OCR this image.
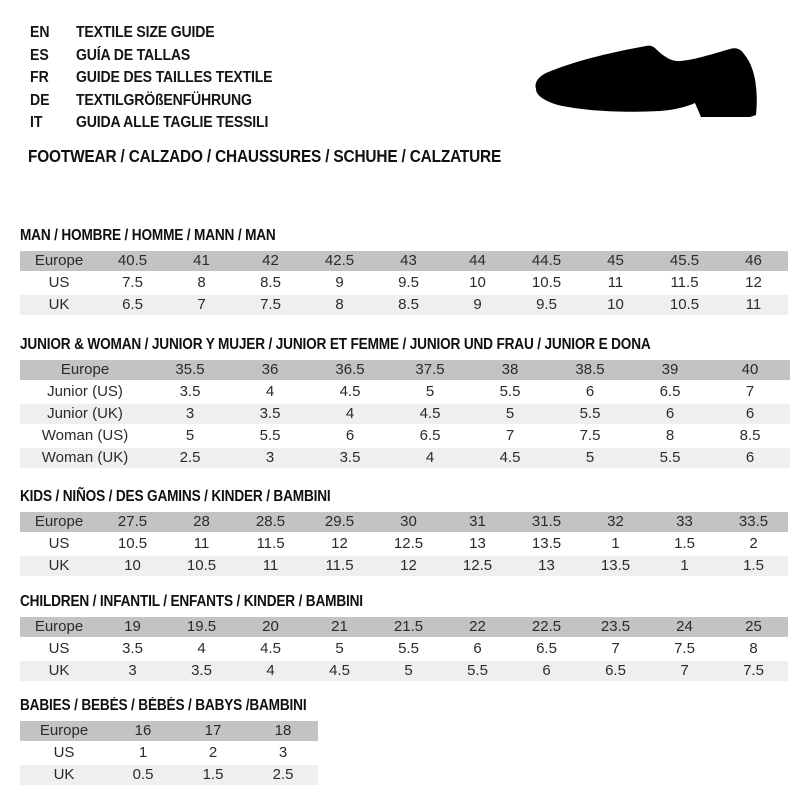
EN TEXTILE SIZE GUIDE
ES GUÍA DE TALLAS
FR GUIDE DES TAILLES TEXTILE
DE TEXTILGRÖßENFÜHRUNG
IT GUIDA ALLE TAGLIE TESSILI
FOOTWEAR / CALZADO / CHAUSSURES / SCHUHE / CALZATURE
MAN / HOMBRE / HOMME / MANN / MAN
Europe	40.5	41	42	42.5	43	44	44.5	45	45.5	46
US	7.5	8	8.5	9	9.5	10	10.5	11	11.5	12
UK	6.5	7	7.5	8	8.5	9	9.5	10	10.5	11
JUNIOR & WOMAN / JUNIOR Y MUJER / JUNIOR ET FEMME / JUNIOR UND FRAU / JUNIOR E DONA
Europe	35.5	36	36.5	37.5	38	38.5	39	40
Junior (US)	3.5	4	4.5	5	5.5	6	6.5	7
Junior (UK)	3	3.5	4	4.5	5	5.5	6	6
Woman (US)	5	5.5	6	6.5	7	7.5	8	8.5
Woman (UK)	2.5	3	3.5	4	4.5	5	5.5	6
KIDS / NIÑOS / DES GAMINS / KINDER / BAMBINI
Europe	27.5	28	28.5	29.5	30	31	31.5	32	33	33.5
US	10.5	11	11.5	12	12.5	13	13.5	1	1.5	2
UK	10	10.5	11	11.5	12	12.5	13	13.5	1	1.5
CHILDREN / INFANTIL / ENFANTS / KINDER / BAMBINI
Europe	19	19.5	20	21	21.5	22	22.5	23.5	24	25
US	3.5	4	4.5	5	5.5	6	6.5	7	7.5	8
UK	3	3.5	4	4.5	5	5.5	6	6.5	7	7.5
BABIES / BEBÉS / BÉBÉS / BABYS /BAMBINI
Europe	16	17	18
US	1	2	3
UK	0.5	1.5	2.5
